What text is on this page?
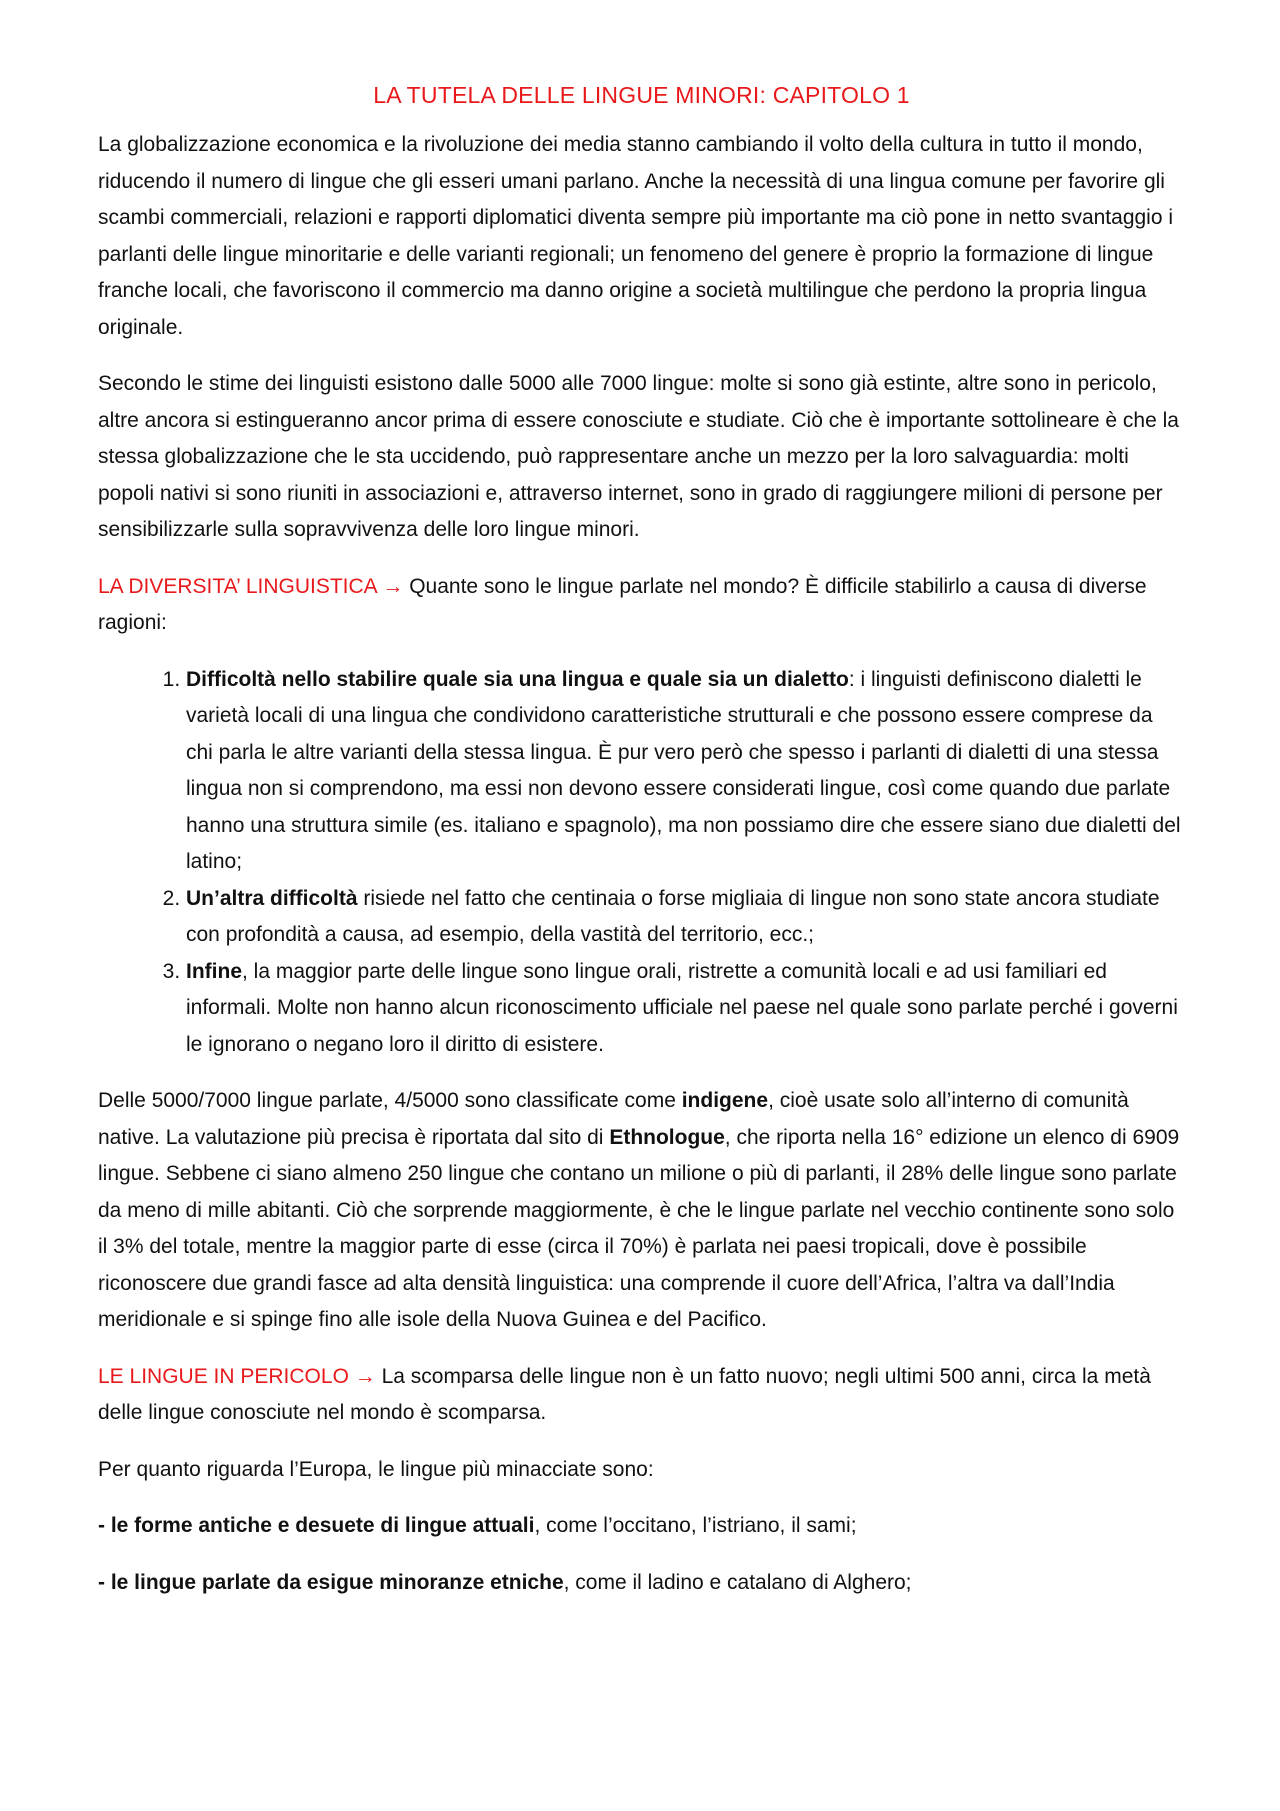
LA TUTELA DELLE LINGUE MINORI: CAPITOLO 1

La globalizzazione economica e la rivoluzione dei media stanno cambiando il volto della cultura in tutto il mondo, riducendo il numero di lingue che gli esseri umani parlano. Anche la necessità di una lingua comune per favorire gli scambi commerciali, relazioni e rapporti diplomatici diventa sempre più importante ma ciò pone in netto svantaggio i parlanti delle lingue minoritarie e delle varianti regionali; un fenomeno del genere è proprio la formazione di lingue franche locali, che favoriscono il commercio ma danno origine a società multilingue che perdono la propria lingua originale.

Secondo le stime dei linguisti esistono dalle 5000 alle 7000 lingue: molte si sono già estinte, altre sono in pericolo, altre ancora si estingueranno ancor prima di essere conosciute e studiate. Ciò che è importante sottolineare è che la stessa globalizzazione che le sta uccidendo, può rappresentare anche un mezzo per la loro salvaguardia: molti popoli nativi si sono riuniti in associazioni e, attraverso internet, sono in grado di raggiungere milioni di persone per sensibilizzarle sulla sopravvivenza delle loro lingue minori.

LA DIVERSITA’ LINGUISTICA → Quante sono le lingue parlate nel mondo? È difficile stabilirlo a causa di diverse ragioni:

1. Difficoltà nello stabilire quale sia una lingua e quale sia un dialetto: i linguisti definiscono dialetti le varietà locali di una lingua che condividono caratteristiche strutturali e che possono essere comprese da chi parla le altre varianti della stessa lingua. È pur vero però che spesso i parlanti di dialetti di una stessa lingua non si comprendono, ma essi non devono essere considerati lingue, così come quando due parlate hanno una struttura simile (es. italiano e spagnolo), ma non possiamo dire che essere siano due dialetti del latino;
2. Un’altra difficoltà risiede nel fatto che centinaia o forse migliaia di lingue non sono state ancora studiate con profondità a causa, ad esempio, della vastità del territorio, ecc.;
3. Infine, la maggior parte delle lingue sono lingue orali, ristrette a comunità locali e ad usi familiari ed informali. Molte non hanno alcun riconoscimento ufficiale nel paese nel quale sono parlate perché i governi le ignorano o negano loro il diritto di esistere.

Delle 5000/7000 lingue parlate, 4/5000 sono classificate come indigene, cioè usate solo all’interno di comunità native. La valutazione più precisa è riportata dal sito di Ethnologue, che riporta nella 16° edizione un elenco di 6909 lingue. Sebbene ci siano almeno 250 lingue che contano un milione o più di parlanti, il 28% delle lingue sono parlate da meno di mille abitanti. Ciò che sorprende maggiormente, è che le lingue parlate nel vecchio continente sono solo il 3% del totale, mentre la maggior parte di esse (circa il 70%) è parlata nei paesi tropicali, dove è possibile riconoscere due grandi fasce ad alta densità linguistica: una comprende il cuore dell’Africa, l’altra va dall’India meridionale e si spinge fino alle isole della Nuova Guinea e del Pacifico.

LE LINGUE IN PERICOLO → La scomparsa delle lingue non è un fatto nuovo; negli ultimi 500 anni, circa la metà delle lingue conosciute nel mondo è scomparsa.

Per quanto riguarda l’Europa, le lingue più minacciate sono:

- le forme antiche e desuete di lingue attuali, come l’occitano, l’istriano, il sami;

- le lingue parlate da esigue minoranze etniche, come il ladino e catalano di Alghero;
